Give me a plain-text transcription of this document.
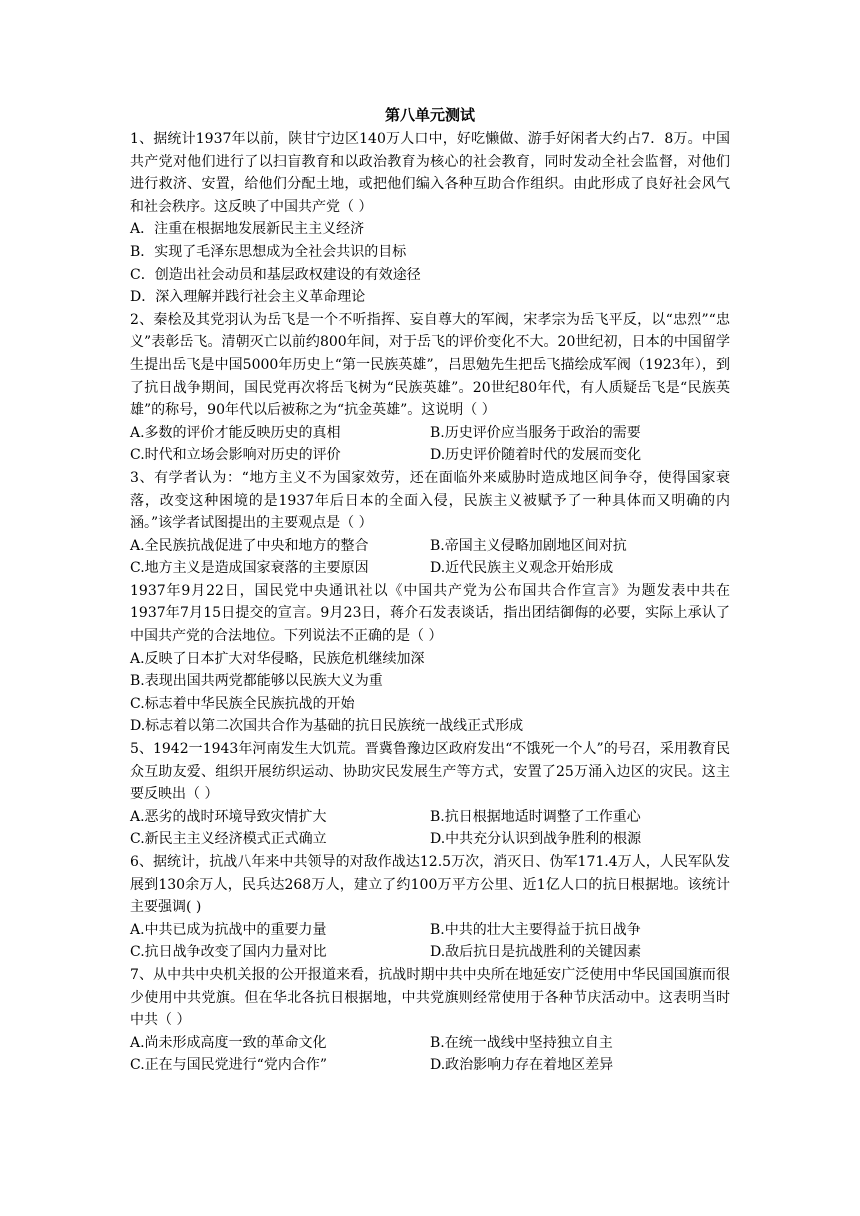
第八单元测试

1、据统计1937年以前，陕甘宁边区140万人口中，好吃懒做、游手好闲者大约占7．8万。中国共产党对他们进行了以扫盲教育和以政治教育为核心的社会教育，同时发动全社会监督，对他们进行救济、安置，给他们分配土地，或把他们编入各种互助合作组织。由此形成了良好社会风气和社会秩序。这反映了中国共产党（ ）

A．注重在根据地发展新民主主义经济

B．实现了毛泽东思想成为全社会共识的目标

C．创造出社会动员和基层政权建设的有效途径

D．深入理解并践行社会主义革命理论

2、秦桧及其党羽认为岳飞是一个不听指挥、妄自尊大的军阀，宋孝宗为岳飞平反，以“忠烈”“忠义”表彰岳飞。清朝灭亡以前约800年间，对于岳飞的评价变化不大。20世纪初，日本的中国留学生提出岳飞是中国5000年历史上“第一民族英雄”，吕思勉先生把岳飞描绘成军阀（1923年），到了抗日战争期间，国民党再次将岳飞树为“民族英雄”。20世纪80年代，有人质疑岳飞是“民族英雄”的称号，90年代以后被称之为“抗金英雄”。这说明（ ）

A.多数的评价才能反映历史的真相	B.历史评价应当服务于政治的需要
C.时代和立场会影响对历史的评价	D.历史评价随着时代的发展而变化

3、有学者认为：“地方主义不为国家效劳，还在面临外来威胁时造成地区间争夺，使得国家衰落，改变这种困境的是1937年后日本的全面入侵，民族主义被赋予了一种具体而又明确的内涵。”该学者试图提出的主要观点是（ ）

A.全民族抗战促进了中央和地方的整合	B.帝国主义侵略加剧地区间对抗
C.地方主义是造成国家衰落的主要原因	D.近代民族主义观念开始形成

1937年9月22日，国民党中央通讯社以《中国共产党为公布国共合作宣言》为题发表中共在1937年7月15日提交的宣言。9月23日，蒋介石发表谈话，指出团结御侮的必要，实际上承认了中国共产党的合法地位。下列说法不正确的是（ ）

A.反映了日本扩大对华侵略，民族危机继续加深

B.表现出国共两党都能够以民族大义为重

C.标志着中华民族全民族抗战的开始

D.标志着以第二次国共合作为基础的抗日民族统一战线正式形成

5、1942一1943年河南发生大饥荒。晋冀鲁豫边区政府发出“不饿死一个人”的号召，采用教育民众互助友爱、组织开展纺织运动、协助灾民发展生产等方式，安置了25万涌入边区的灾民。这主要反映出（ ）

A.恶劣的战时环境导致灾情扩大	B.抗日根据地适时调整了工作重心
C.新民主主义经济模式正式确立	D.中共充分认识到战争胜利的根源

6、据统计，抗战八年来中共领导的对敌作战达12.5万次，消灭日、伪军171.4万人，人民军队发展到130余万人，民兵达268万人，建立了约100万平方公里、近1亿人口的抗日根据地。该统计主要强调( )

A.中共已成为抗战中的重要力量	B.中共的壮大主要得益于抗日战争
C.抗日战争改变了国内力量对比	D.敌后抗日是抗战胜利的关键因素

7、从中共中央机关报的公开报道来看，抗战时期中共中央所在地延安广泛使用中华民国国旗而很少使用中共党旗。但在华北各抗日根据地，中共党旗则经常使用于各种节庆活动中。这表明当时中共（ ）

A.尚未形成高度一致的革命文化	B.在统一战线中坚持独立自主
C.正在与国民党进行“党内合作”	D.政治影响力存在着地区差异
